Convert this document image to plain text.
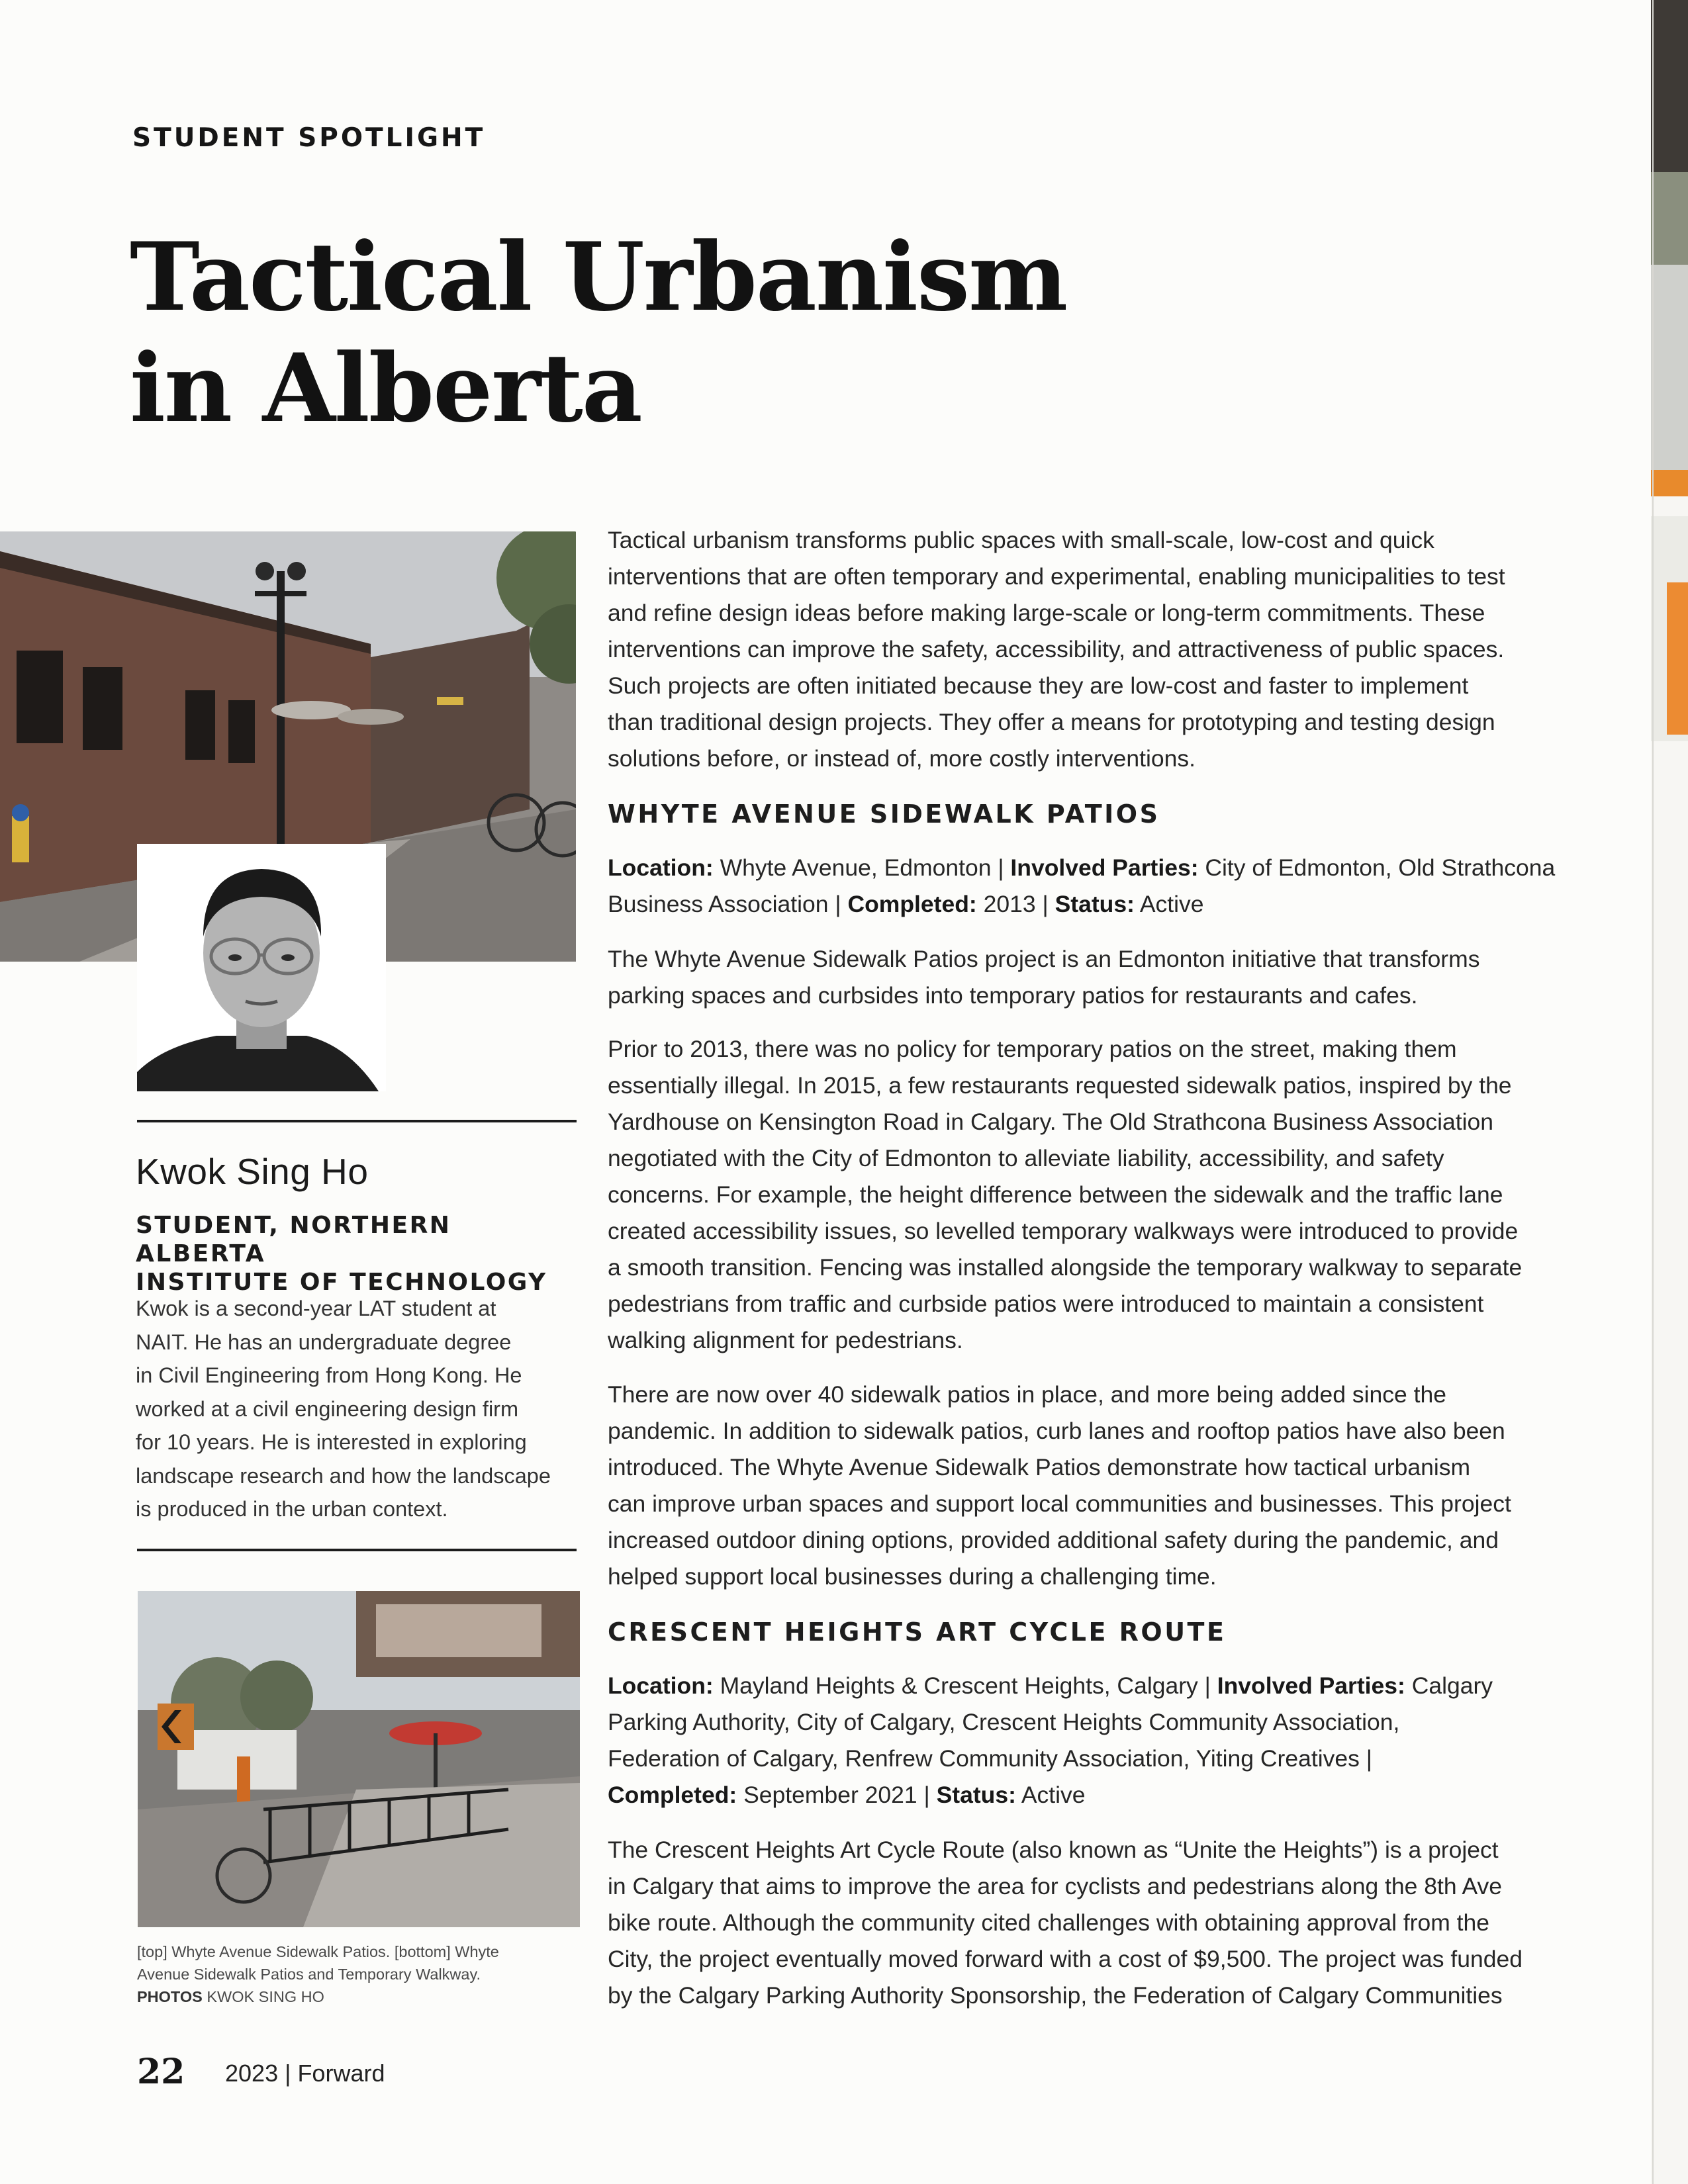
STUDENT SPOTLIGHT
Tactical Urbanism
in Alberta
Kwok Sing Ho
STUDENT, NORTHERN ALBERTA
INSTITUTE OF TECHNOLOGY
Kwok is a second-year LAT student at
NAIT. He has an undergraduate degree
in Civil Engineering from Hong Kong. He
worked at a civil engineering design firm
for 10 years. He is interested in exploring
landscape research and how the landscape
is produced in the urban context.
[top] Whyte Avenue Sidewalk Patios. [bottom] Whyte
Avenue Sidewalk Patios and Temporary Walkway.
PHOTOS KWOK SING HO
Tactical urbanism transforms public spaces with small-scale, low-cost and quick
interventions that are often temporary and experimental, enabling municipalities to test
and refine design ideas before making large-scale or long-term commitments. These
interventions can improve the safety, accessibility, and attractiveness of public spaces.
Such projects are often initiated because they are low-cost and faster to implement
than traditional design projects. They offer a means for prototyping and testing design
solutions before, or instead of, more costly interventions.
WHYTE AVENUE SIDEWALK PATIOS
Location: Whyte Avenue, Edmonton | Involved Parties: City of Edmonton, Old Strathcona
Business Association | Completed: 2013 | Status: Active
The Whyte Avenue Sidewalk Patios project is an Edmonton initiative that transforms
parking spaces and curbsides into temporary patios for restaurants and cafes.
Prior to 2013, there was no policy for temporary patios on the street, making them
essentially illegal. In 2015, a few restaurants requested sidewalk patios, inspired by the
Yardhouse on Kensington Road in Calgary. The Old Strathcona Business Association
negotiated with the City of Edmonton to alleviate liability, accessibility, and safety
concerns. For example, the height difference between the sidewalk and the traffic lane
created accessibility issues, so levelled temporary walkways were introduced to provide
a smooth transition. Fencing was installed alongside the temporary walkway to separate
pedestrians from traffic and curbside patios were introduced to maintain a consistent
walking alignment for pedestrians.
There are now over 40 sidewalk patios in place, and more being added since the
pandemic. In addition to sidewalk patios, curb lanes and rooftop patios have also been
introduced. The Whyte Avenue Sidewalk Patios demonstrate how tactical urbanism
can improve urban spaces and support local communities and businesses. This project
increased outdoor dining options, provided additional safety during the pandemic, and
helped support local businesses during a challenging time.
CRESCENT HEIGHTS ART CYCLE ROUTE
Location: Mayland Heights & Crescent Heights, Calgary | Involved Parties: Calgary
Parking Authority, City of Calgary, Crescent Heights Community Association,
Federation of Calgary, Renfrew Community Association, Yiting Creatives |
Completed: September 2021 | Status: Active
The Crescent Heights Art Cycle Route (also known as “Unite the Heights”) is a project
in Calgary that aims to improve the area for cyclists and pedestrians along the 8th Ave
bike route. Although the community cited challenges with obtaining approval from the
City, the project eventually moved forward with a cost of $9,500. The project was funded
by the Calgary Parking Authority Sponsorship, the Federation of Calgary Communities
22 2023 | Forward
